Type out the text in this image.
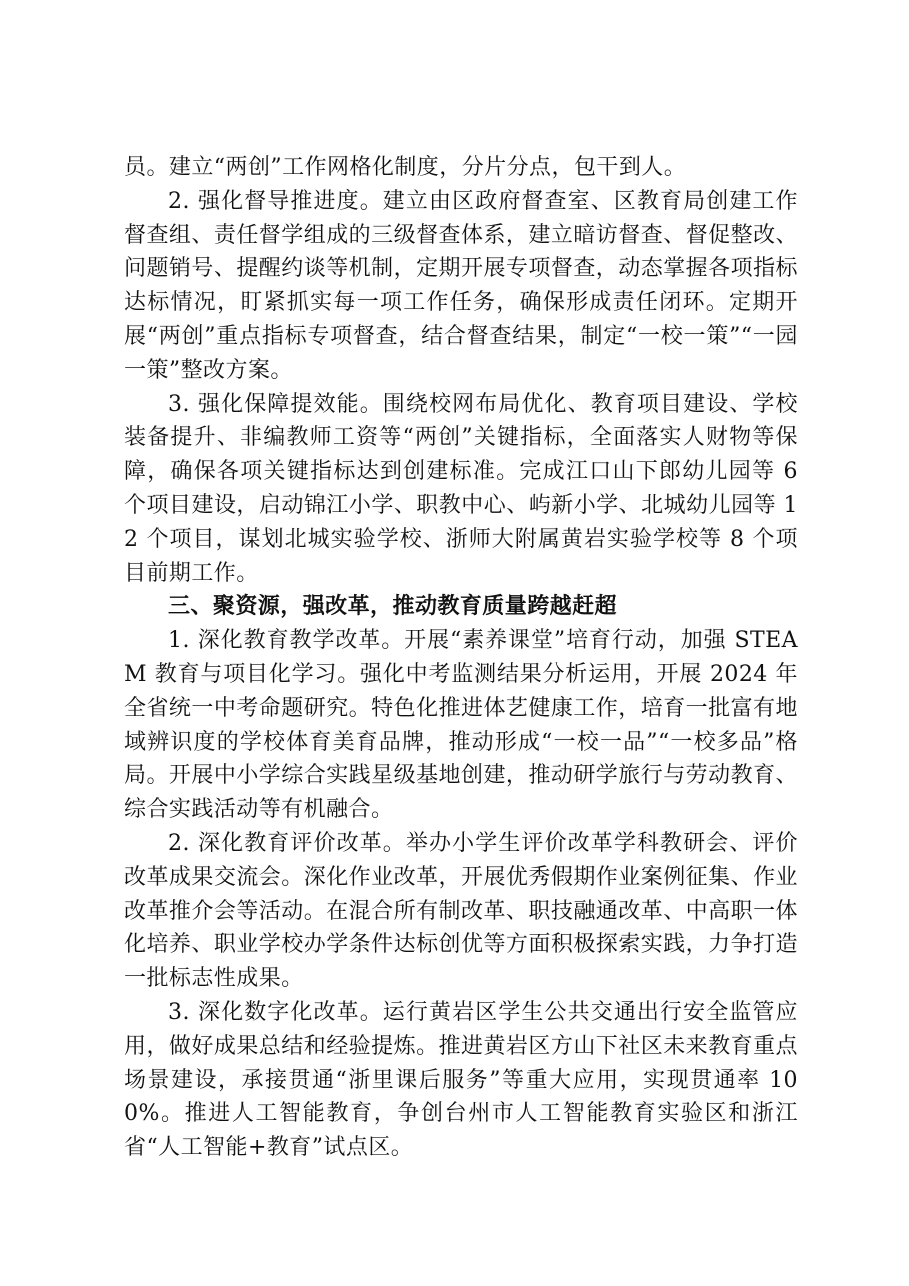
员。建立“两创”工作网格化制度，分片分点，包干到人。

2. 强化督导推进度。建立由区政府督查室、区教育局创建工作督查组、责任督学组成的三级督查体系，建立暗访督查、督促整改、问题销号、提醒约谈等机制，定期开展专项督查，动态掌握各项指标达标情况，盯紧抓实每一项工作任务，确保形成责任闭环。定期开展“两创”重点指标专项督查，结合督查结果，制定“一校一策”“一园一策”整改方案。

3. 强化保障提效能。围绕校网布局优化、教育项目建设、学校装备提升、非编教师工资等“两创”关键指标，全面落实人财物等保障，确保各项关键指标达到创建标准。完成江口山下郎幼儿园等 6 个项目建设，启动锦江小学、职教中心、屿新小学、北城幼儿园等 12 个项目，谋划北城实验学校、浙师大附属黄岩实验学校等 8 个项目前期工作。

三、聚资源，强改革，推动教育质量跨越赶超

1. 深化教育教学改革。开展“素养课堂”培育行动，加强 STEAM 教育与项目化学习。强化中考监测结果分析运用，开展 2024 年全省统一中考命题研究。特色化推进体艺健康工作，培育一批富有地域辨识度的学校体育美育品牌，推动形成“一校一品”“一校多品”格局。开展中小学综合实践星级基地创建，推动研学旅行与劳动教育、综合实践活动等有机融合。

2. 深化教育评价改革。举办小学生评价改革学科教研会、评价改革成果交流会。深化作业改革，开展优秀假期作业案例征集、作业改革推介会等活动。在混合所有制改革、职技融通改革、中高职一体化培养、职业学校办学条件达标创优等方面积极探索实践，力争打造一批标志性成果。

3. 深化数字化改革。运行黄岩区学生公共交通出行安全监管应用，做好成果总结和经验提炼。推进黄岩区方山下社区未来教育重点场景建设，承接贯通“浙里课后服务”等重大应用，实现贯通率 100%。推进人工智能教育，争创台州市人工智能教育实验区和浙江省“人工智能+教育”试点区。
